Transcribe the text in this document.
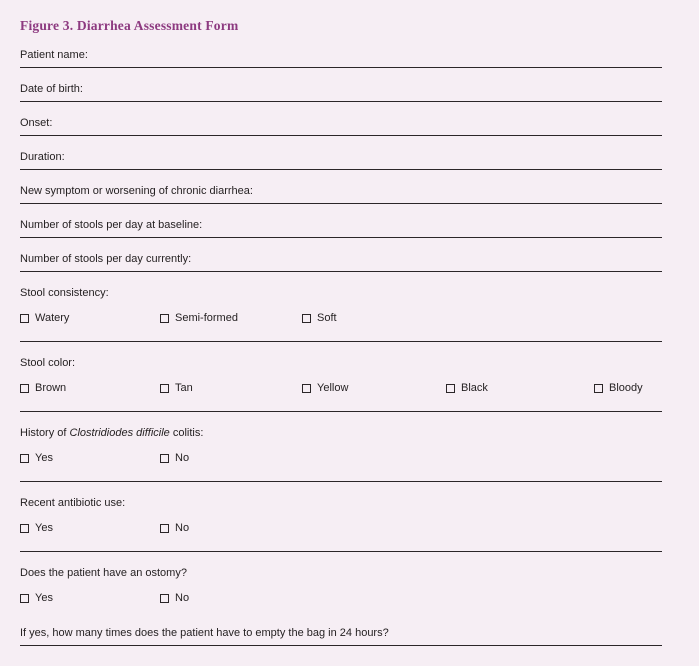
Figure 3. Diarrhea Assessment Form
Patient name:
Date of birth:
Onset:
Duration:
New symptom or worsening of chronic diarrhea:
Number of stools per day at baseline:
Number of stools per day currently:
Stool consistency:
Watery	Semi-formed	Soft
Stool color:
Brown	Tan	Yellow	Black	Bloody
History of Clostridiodes difficile colitis:
Yes	No
Recent antibiotic use:
Yes	No
Does the patient have an ostomy?
Yes	No
If yes, how many times does the patient have to empty the bag in 24 hours?
